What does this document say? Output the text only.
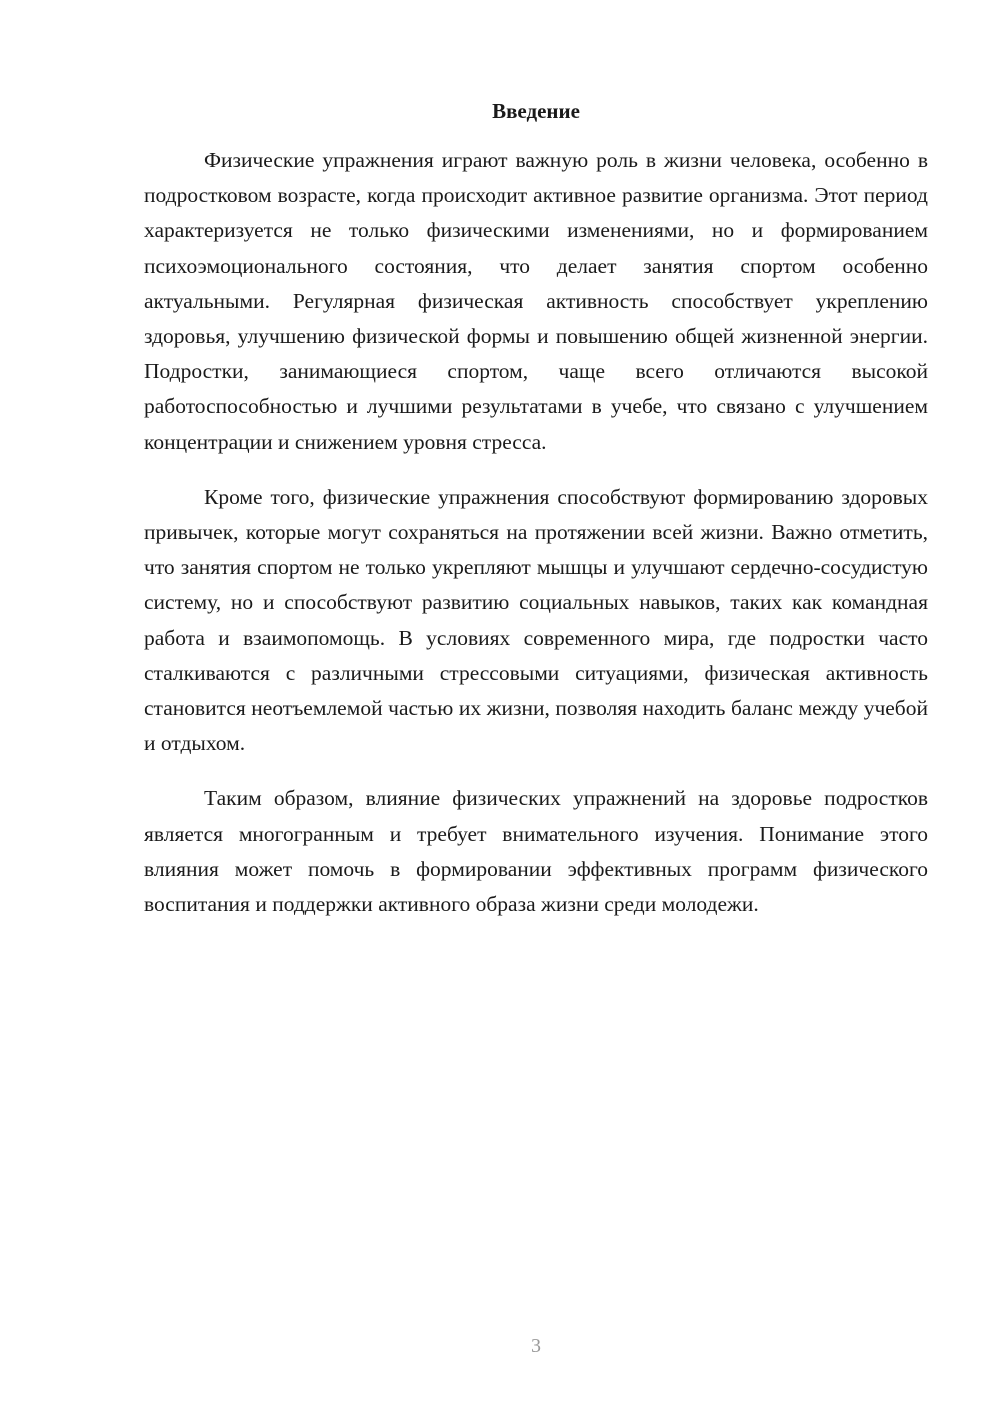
Введение

Физические упражнения играют важную роль в жизни человека, особенно в подростковом возрасте, когда происходит активное развитие организма. Этот период характеризуется не только физическими изменениями, но и формированием психоэмоционального состояния, что делает занятия спортом особенно актуальными. Регулярная физическая активность способствует укреплению здоровья, улучшению физической формы и повышению общей жизненной энергии. Подростки, занимающиеся спортом, чаще всего отличаются высокой работоспособностью и лучшими результатами в учебе, что связано с улучшением концентрации и снижением уровня стресса.

Кроме того, физические упражнения способствуют формированию здоровых привычек, которые могут сохраняться на протяжении всей жизни. Важно отметить, что занятия спортом не только укрепляют мышцы и улучшают сердечно-сосудистую систему, но и способствуют развитию социальных навыков, таких как командная работа и взаимопомощь. В условиях современного мира, где подростки часто сталкиваются с различными стрессовыми ситуациями, физическая активность становится неотъемлемой частью их жизни, позволяя находить баланс между учебой и отдыхом.

Таким образом, влияние физических упражнений на здоровье подростков является многогранным и требует внимательного изучения. Понимание этого влияния может помочь в формировании эффективных программ физического воспитания и поддержки активного образа жизни среди молодежи.

3
